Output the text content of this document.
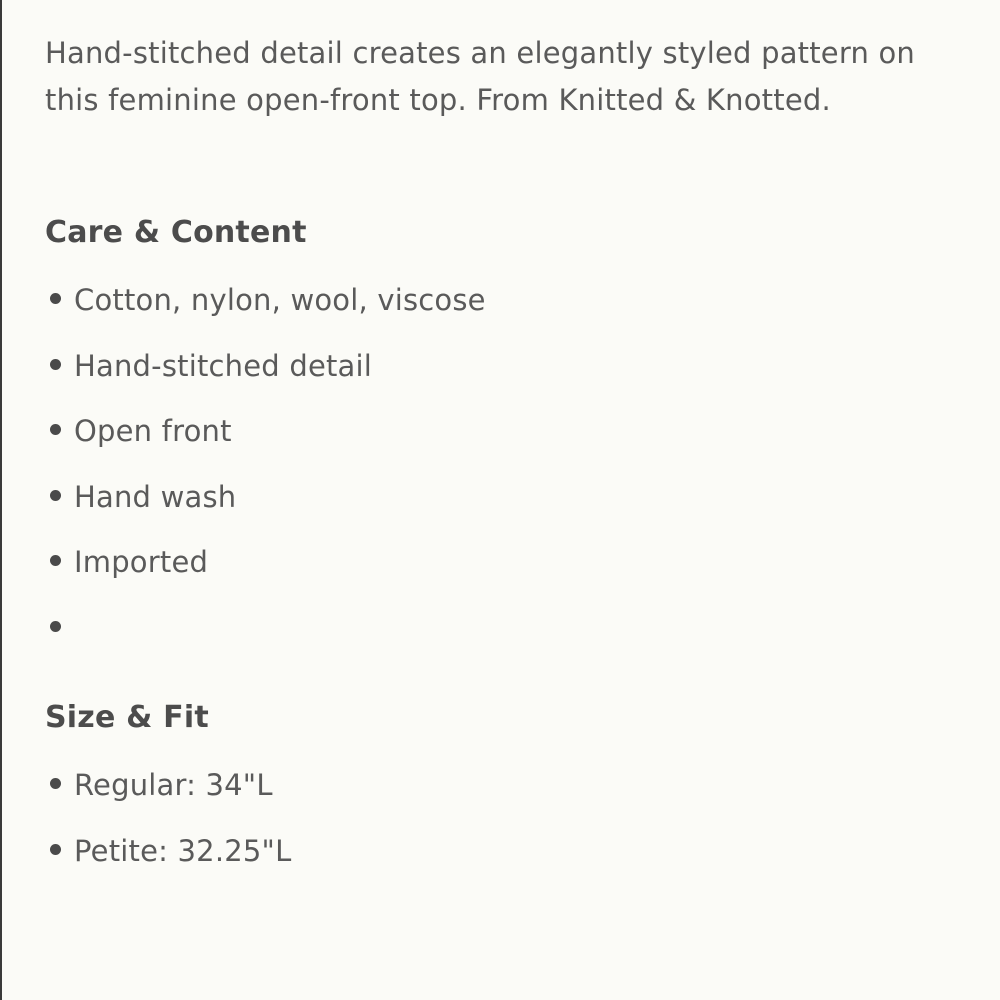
Hand-stitched detail creates an elegantly styled pattern on this feminine open-front top. From Knitted & Knotted.

Care & Content
Cotton, nylon, wool, viscose
Hand-stitched detail
Open front
Hand wash
Imported
Size & Fit
Regular: 34"L
Petite: 32.25"L
